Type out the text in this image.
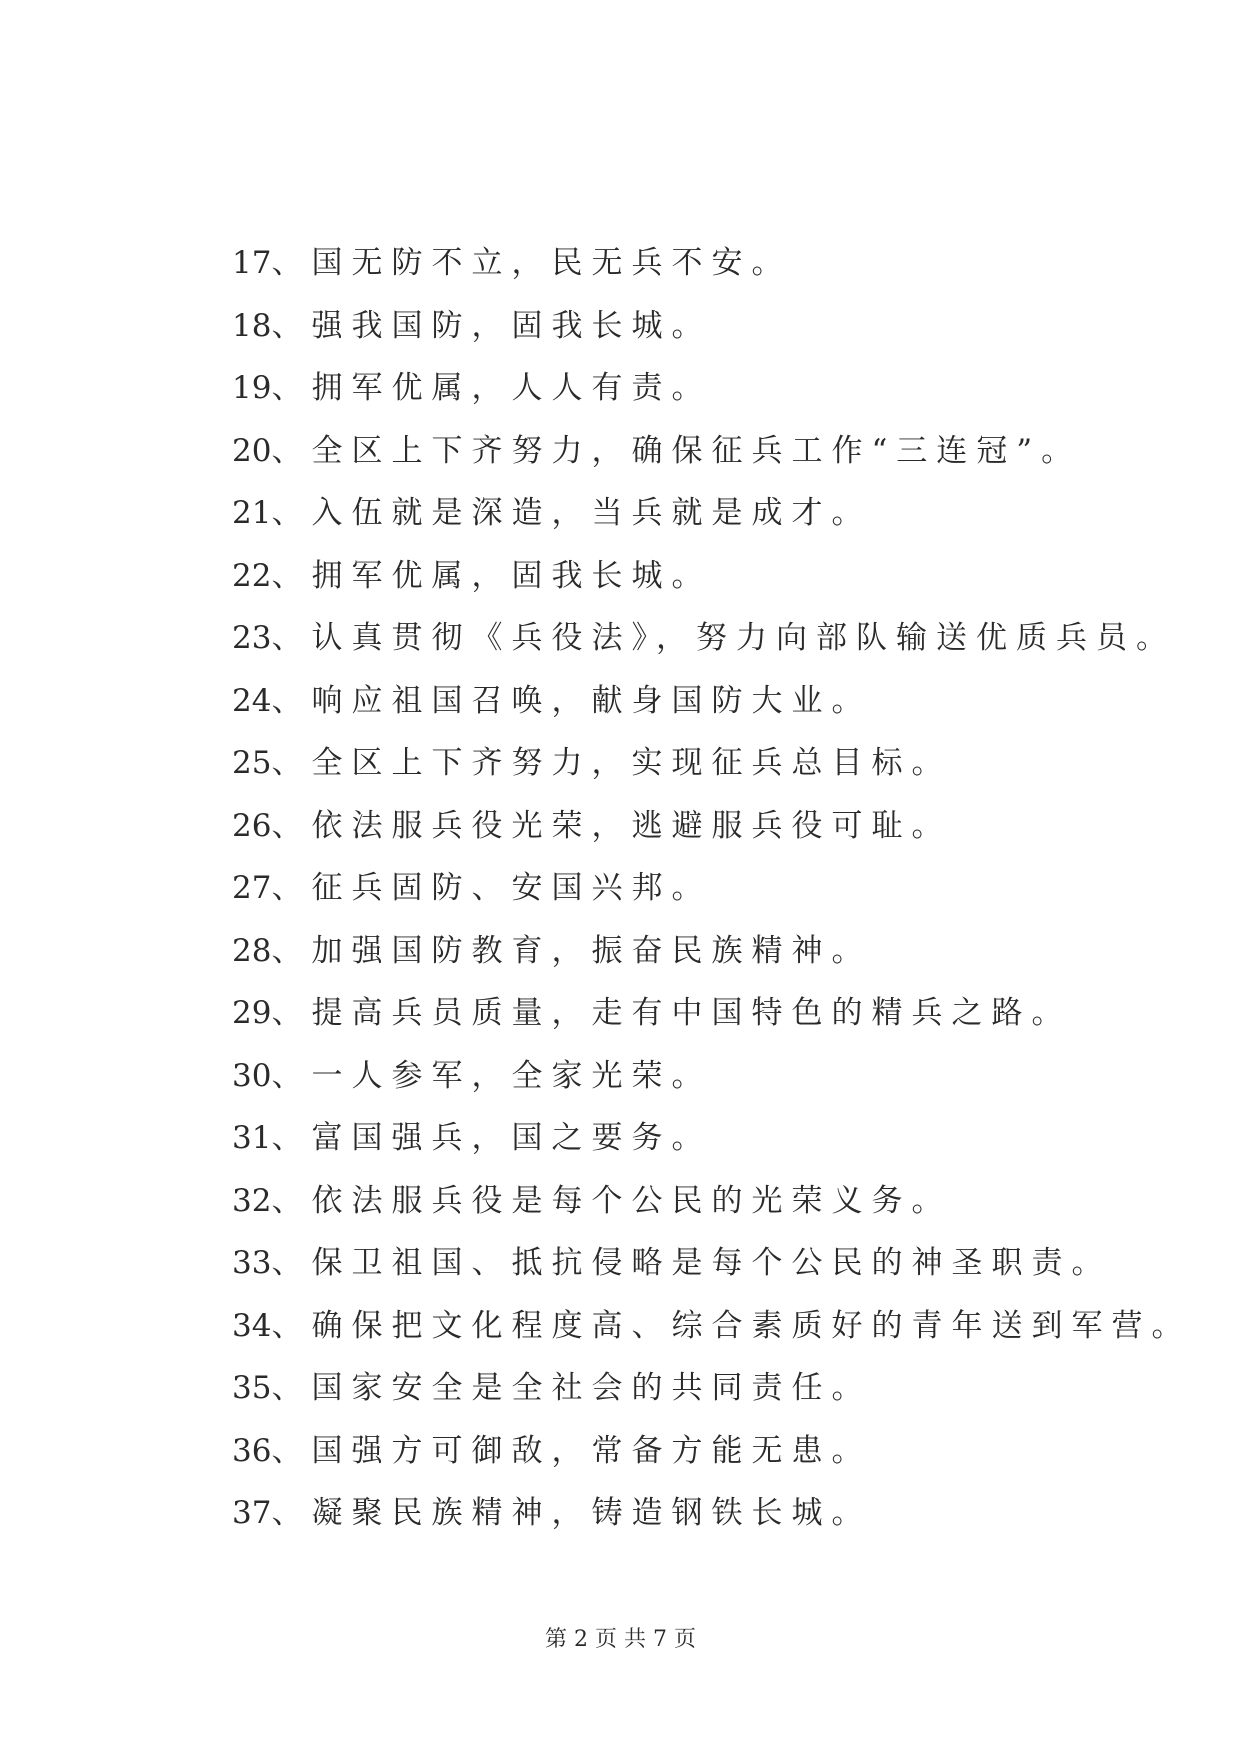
17、国无防不立，民无兵不安。
18、强我国防，固我长城。
19、拥军优属，人人有责。
20、全区上下齐努力，确保征兵工作“三连冠”。
21、入伍就是深造，当兵就是成才。
22、拥军优属，固我长城。
23、认真贯彻《兵役法》，努力向部队输送优质兵员。
24、响应祖国召唤，献身国防大业。
25、全区上下齐努力，实现征兵总目标。
26、依法服兵役光荣，逃避服兵役可耻。
27、征兵固防、安国兴邦。
28、加强国防教育，振奋民族精神。
29、提高兵员质量，走有中国特色的精兵之路。
30、一人参军，全家光荣。
31、富国强兵，国之要务。
32、依法服兵役是每个公民的光荣义务。
33、保卫祖国、抵抗侵略是每个公民的神圣职责。
34、确保把文化程度高、综合素质好的青年送到军营。
35、国家安全是全社会的共同责任。
36、国强方可御敌，常备方能无患。
37、凝聚民族精神，铸造钢铁长城。
第 2 页 共 7 页
